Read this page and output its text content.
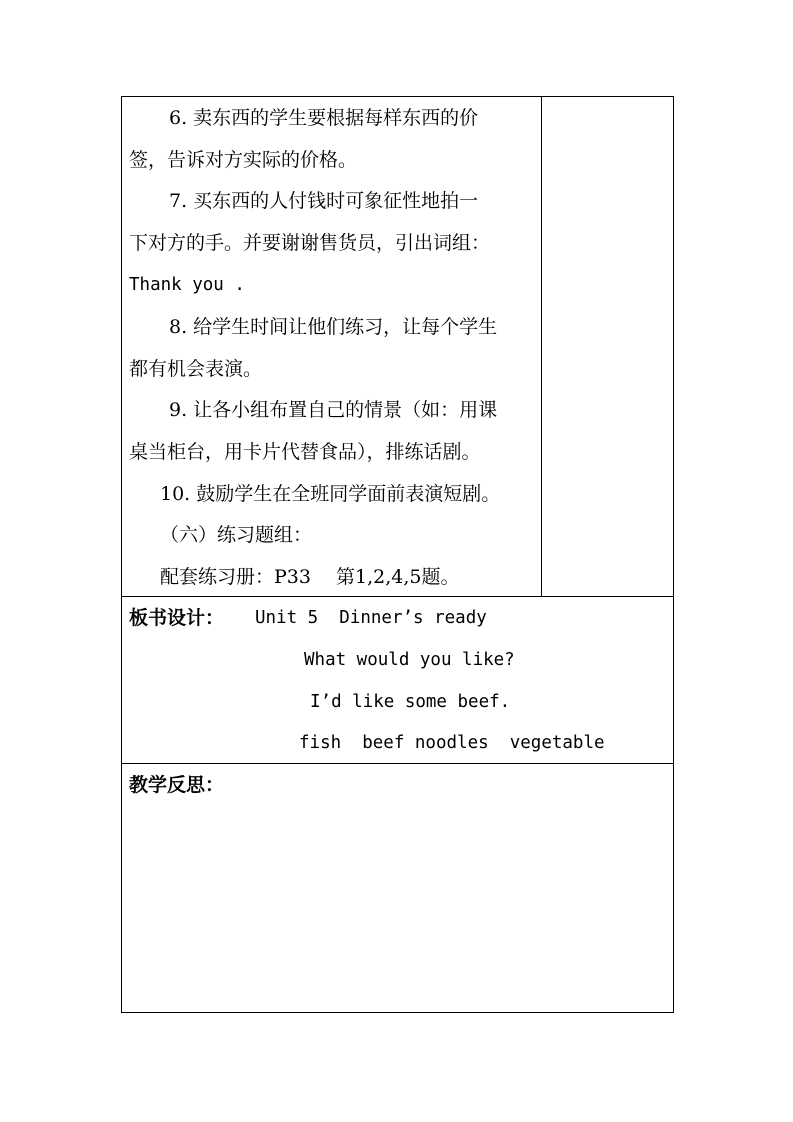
6. 卖东西的学生要根据每样东西的价
签，告诉对方实际的价格。
7. 买东西的人付钱时可象征性地拍一
下对方的手。并要谢谢售货员，引出词组：
Thank you .
8. 给学生时间让他们练习，让每个学生
都有机会表演。
9. 让各小组布置自己的情景（如：用课
桌当柜台，用卡片代替食品），排练话剧。
10. 鼓励学生在全班同学面前表演短剧。
（六）练习题组：
配套练习册：P33　 第1,2,4,5题。
板书设计： Unit 5  Dinner’s ready
What would you like?
I’d like some beef.
fish  beef noodles  vegetable
教学反思：
